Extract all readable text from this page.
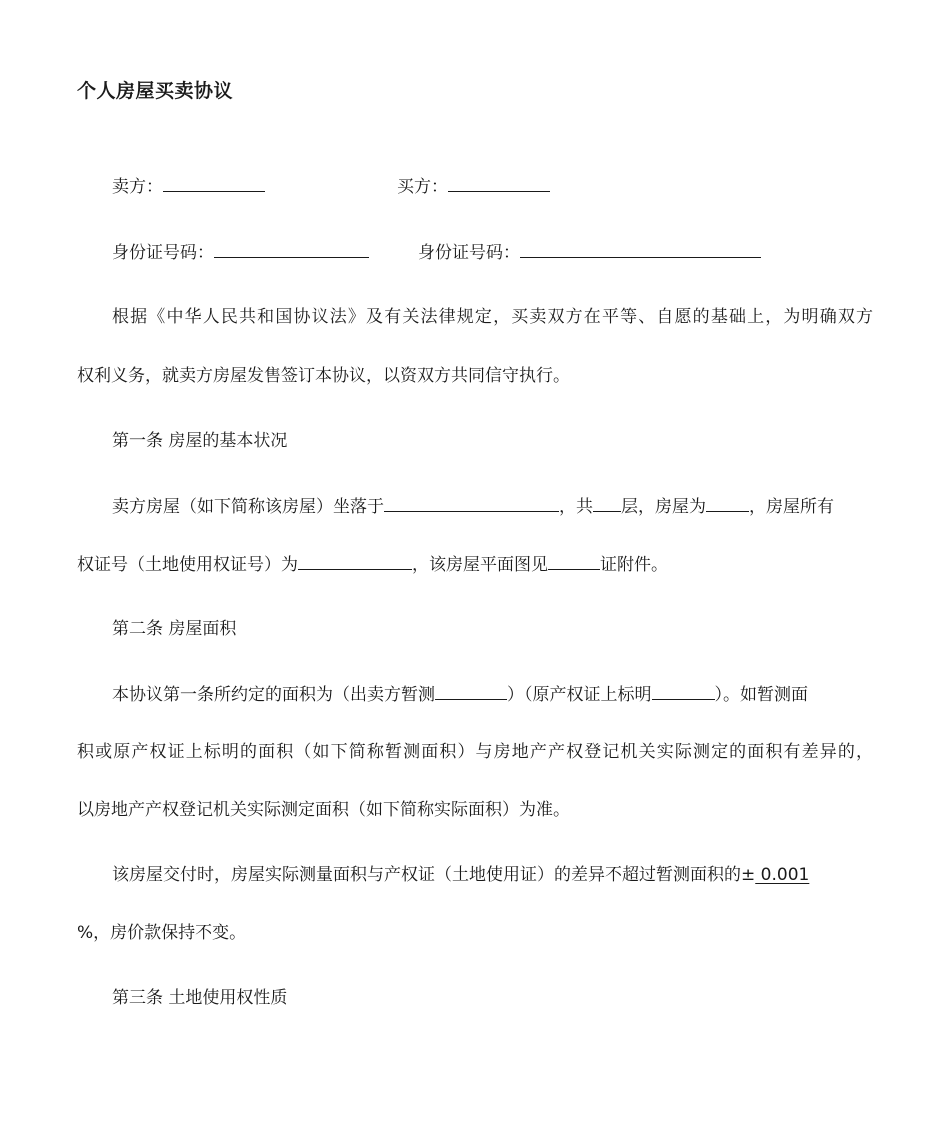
个人房屋买卖协议
卖方：	买方：
身份证号码：	身份证号码：
根据《中华人民共和国协议法》及有关法律规定，买卖双方在平等、自愿的基础上，为明确双方
权利义务，就卖方房屋发售签订本协议，以资双方共同信守执行。
第一条 房屋的基本状况
卖方房屋（如下简称该房屋）坐落于	，共 层，房屋为	，房屋所有
权证号（土地使用权证号）为	，该房屋平面图见	证附件。
第二条 房屋面积
本协议第一条所约定的面积为（出卖方暂测	）（原产权证上标明	）。如暂测面
积或原产权证上标明的面积（如下简称暂测面积）与房地产产权登记机关实际测定的面积有差异的，
以房地产产权登记机关实际测定面积（如下简称实际面积）为准。
该房屋交付时，房屋实际测量面积与产权证（土地使用证）的差异不超过暂测面积的± 0.001
%，房价款保持不变。
第三条 土地使用权性质
